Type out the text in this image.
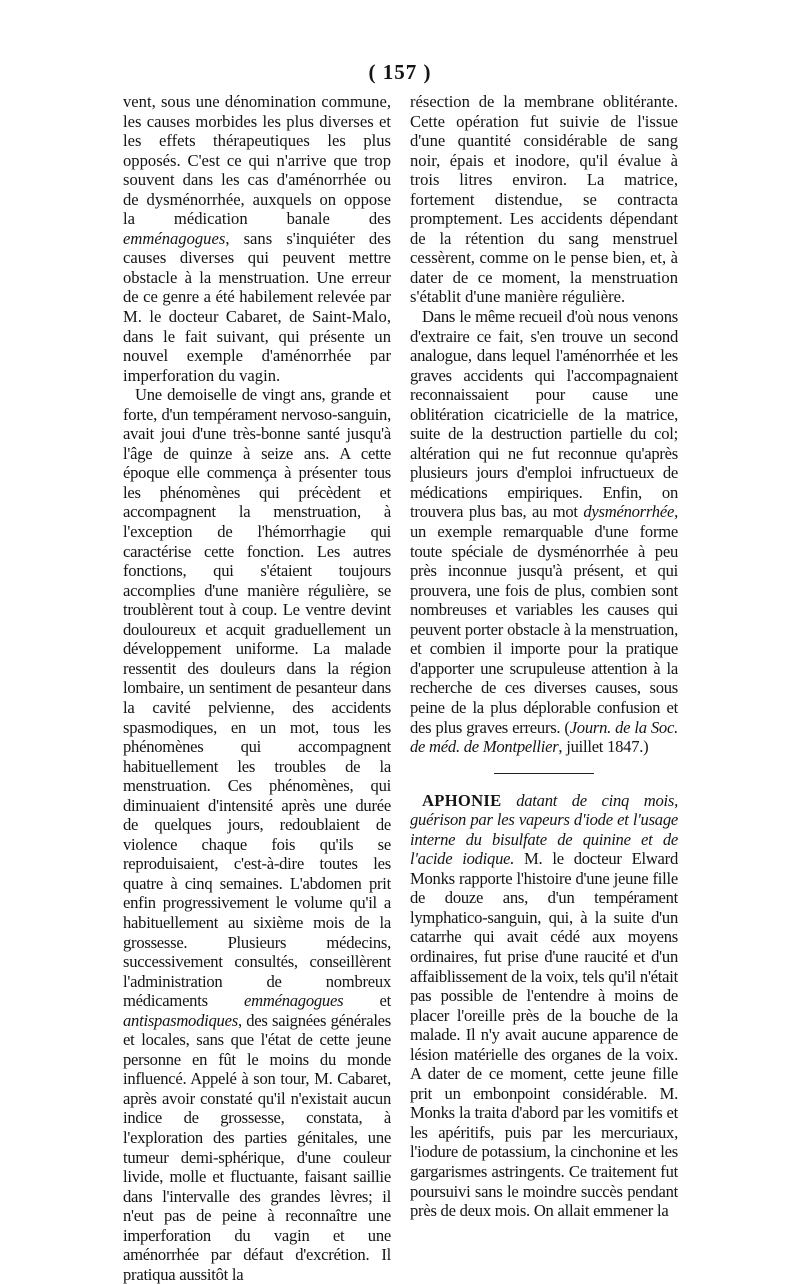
( 157 )

vent, sous une dénomination commune, les causes morbides les plus diverses et les effets thérapeutiques les plus opposés. C'est ce qui n'arrive que trop souvent dans les cas d'aménorrhée ou de dysménorrhée, auxquels on oppose la médication banale des emménagogues, sans s'inquiéter des causes diverses qui peuvent mettre obstacle à la menstruation. Une erreur de ce genre a été habilement relevée par M. le docteur Cabaret, de Saint-Malo, dans le fait suivant, qui présente un nouvel exemple d'aménorrhée par imperforation du vagin.

Une demoiselle de vingt ans, grande et forte, d'un tempérament nervoso-sanguin, avait joui d'une très-bonne santé jusqu'à l'âge de quinze à seize ans. A cette époque elle commença à présenter tous les phénomènes qui précèdent et accompagnent la menstruation, à l'exception de l'hémorrhagie qui caractérise cette fonction. Les autres fonctions, qui s'étaient toujours accomplies d'une manière régulière, se troublèrent tout à coup. Le ventre devint douloureux et acquit graduellement un développement uniforme. La malade ressentit des douleurs dans la région lombaire, un sentiment de pesanteur dans la cavité pelvienne, des accidents spasmodiques, en un mot, tous les phénomènes qui accompagnent habituellement les troubles de la menstruation. Ces phénomènes, qui diminuaient d'intensité après une durée de quelques jours, redoublaient de violence chaque fois qu'ils se reproduisaient, c'est-à-dire toutes les quatre à cinq semaines. L'abdomen prit enfin progressivement le volume qu'il a habituellement au sixième mois de la grossesse. Plusieurs médecins, successivement consultés, conseillèrent l'administration de nombreux médicaments emménagogues et antispasmodiques, des saignées générales et locales, sans que l'état de cette jeune personne en fût le moins du monde influencé. Appelé à son tour, M. Cabaret, après avoir constaté qu'il n'existait aucun indice de grossesse, constata, à l'exploration des parties génitales, une tumeur demi-sphérique, d'une couleur livide, molle et fluctuante, faisant saillie dans l'intervalle des grandes lèvres; il n'eut pas de peine à reconnaître une imperforation du vagin et une aménorrhée par défaut d'excrétion. Il pratiqua aussitôt la

résection de la membrane oblitérante. Cette opération fut suivie de l'issue d'une quantité considérable de sang noir, épais et inodore, qu'il évalue à trois litres environ. La matrice, fortement distendue, se contracta promptement. Les accidents dépendant de la rétention du sang menstruel cessèrent, comme on le pense bien, et, à dater de ce moment, la menstruation s'établit d'une manière régulière.

Dans le même recueil d'où nous venons d'extraire ce fait, s'en trouve un second analogue, dans lequel l'aménorrhée et les graves accidents qui l'accompagnaient reconnaissaient pour cause une oblitération cicatricielle de la matrice, suite de la destruction partielle du col; altération qui ne fut reconnue qu'après plusieurs jours d'emploi infructueux de médications empiriques. Enfin, on trouvera plus bas, au mot dysménorrhée, un exemple remarquable d'une forme toute spéciale de dysménorrhée à peu près inconnue jusqu'à présent, et qui prouvera, une fois de plus, combien sont nombreuses et variables les causes qui peuvent porter obstacle à la menstruation, et combien il importe pour la pratique d'apporter une scrupuleuse attention à la recherche de ces diverses causes, sous peine de la plus déplorable confusion et des plus graves erreurs. (Journ. de la Soc. de méd. de Montpellier, juillet 1847.)

APHONIE datant de cinq mois, guérison par les vapeurs d'iode et l'usage interne du bisulfate de quinine et de l'acide iodique. M. le docteur Elward Monks rapporte l'histoire d'une jeune fille de douze ans, d'un tempérament lymphatico-sanguin, qui, à la suite d'un catarrhe qui avait cédé aux moyens ordinaires, fut prise d'une raucité et d'un affaiblissement de la voix, tels qu'il n'était pas possible de l'entendre à moins de placer l'oreille près de la bouche de la malade. Il n'y avait aucune apparence de lésion matérielle des organes de la voix. A dater de ce moment, cette jeune fille prit un embonpoint considérable. M. Monks la traita d'abord par les vomitifs et les apéritifs, puis par les mercuriaux, l'iodure de potassium, la cinchonine et les gargarismes astringents. Ce traitement fut poursuivi sans le moindre succès pendant près de deux mois. On allait emmener la
